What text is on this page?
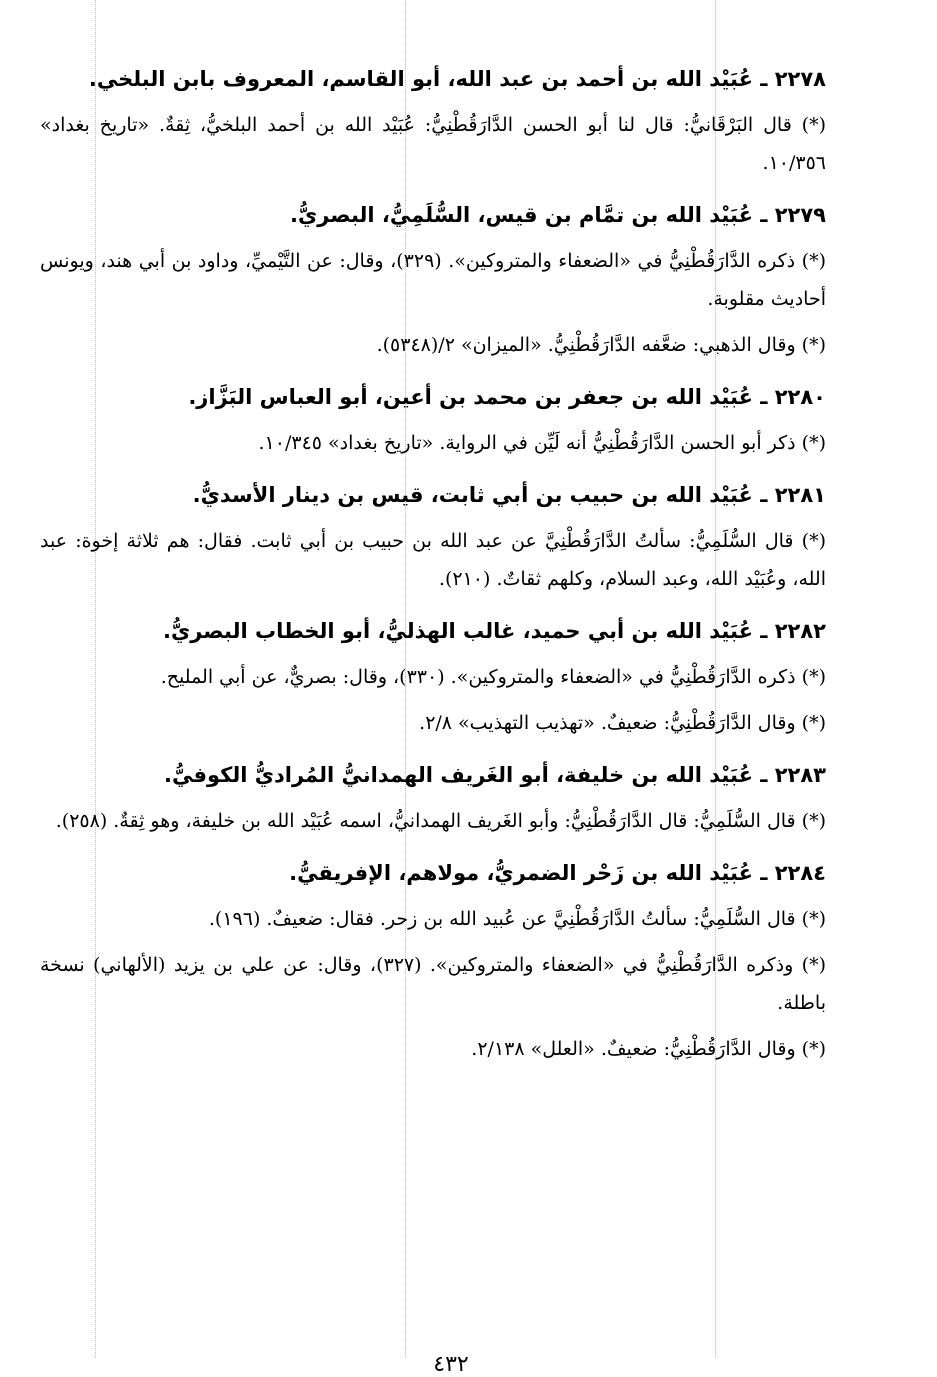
٢٢٧٨ ـ عُبَيْد الله بن أحمد بن عبد الله، أبو القاسم، المعروف بابن البلخي.

(*) قال البَرْقَانيُّ: قال لنا أبو الحسن الدَّارَقُطْنِيُّ: عُبَيْد الله بن أحمد البلخيُّ، ثِقةٌ. «تاريخ بغداد» ١٠/٣٥٦.

٢٢٧٩ ـ عُبَيْد الله بن تمَّام بن قيس، السُّلَمِيُّ، البصريُّ.

(*) ذكره الدَّارَقُطْنِيُّ في «الضعفاء والمتروكين». (٣٢٩)، وقال: عن التَّيْميِّ، وداود بن أبي هند، ويونس أحاديث مقلوبة.

(*) وقال الذهبي: ضعَّفه الدَّارَقُطْنِيُّ. «الميزان» ٢/(٥٣٤٨).

٢٢٨٠ ـ عُبَيْد الله بن جعفر بن محمد بن أعين، أبو العباس البَزَّاز.

(*) ذكر أبو الحسن الدَّارَقُطْنِيُّ أنه لَيِّن في الرواية. «تاريخ بغداد» ١٠/٣٤٥.

٢٢٨١ ـ عُبَيْد الله بن حبيب بن أبي ثابت، قيس بن دينار الأسديُّ.

(*) قال السُّلَمِيُّ: سألتُ الدَّارَقُطْنِيَّ عن عبد الله بن حبيب بن أبي ثابت. فقال: هم ثلاثة إخوة: عبد الله، وعُبَيْد الله، وعبد السلام، وكلهم ثقاتٌ. (٢١٠).

٢٢٨٢ ـ عُبَيْد الله بن أبي حميد، غالب الهذليُّ، أبو الخطاب البصريُّ.

(*) ذكره الدَّارَقُطْنِيُّ في «الضعفاء والمتروكين». (٣٣٠)، وقال: بصريٌّ، عن أبي المليح.

(*) وقال الدَّارَقُطْنِيُّ: ضعيفٌ. «تهذيب التهذيب» ٢/٨.

٢٢٨٣ ـ عُبَيْد الله بن خليفة، أبو الغَريف الهمدانيُّ المُراديُّ الكوفيُّ.

(*) قال السُّلَمِيُّ: قال الدَّارَقُطْنِيُّ: وأبو الغَريف الهمدانيُّ، اسمه عُبَيْد الله بن خليفة، وهو ثِقةٌ. (٢٥٨).

٢٢٨٤ ـ عُبَيْد الله بن زَحْر الضمريُّ، مولاهم، الإفريقيُّ.

(*) قال السُّلَمِيُّ: سألتُ الدَّارَقُطْنِيَّ عن عُبيد الله بن زحر. فقال: ضعيفٌ. (١٩٦).

(*) وذكره الدَّارَقُطْنِيُّ في «الضعفاء والمتروكين». (٣٢٧)، وقال: عن علي بن يزيد (الألهاني) نسخة باطلة.

(*) وقال الدَّارَقُطْنِيُّ: ضعيفٌ. «العلل» ٢/١٣٨.

٤٣٢
